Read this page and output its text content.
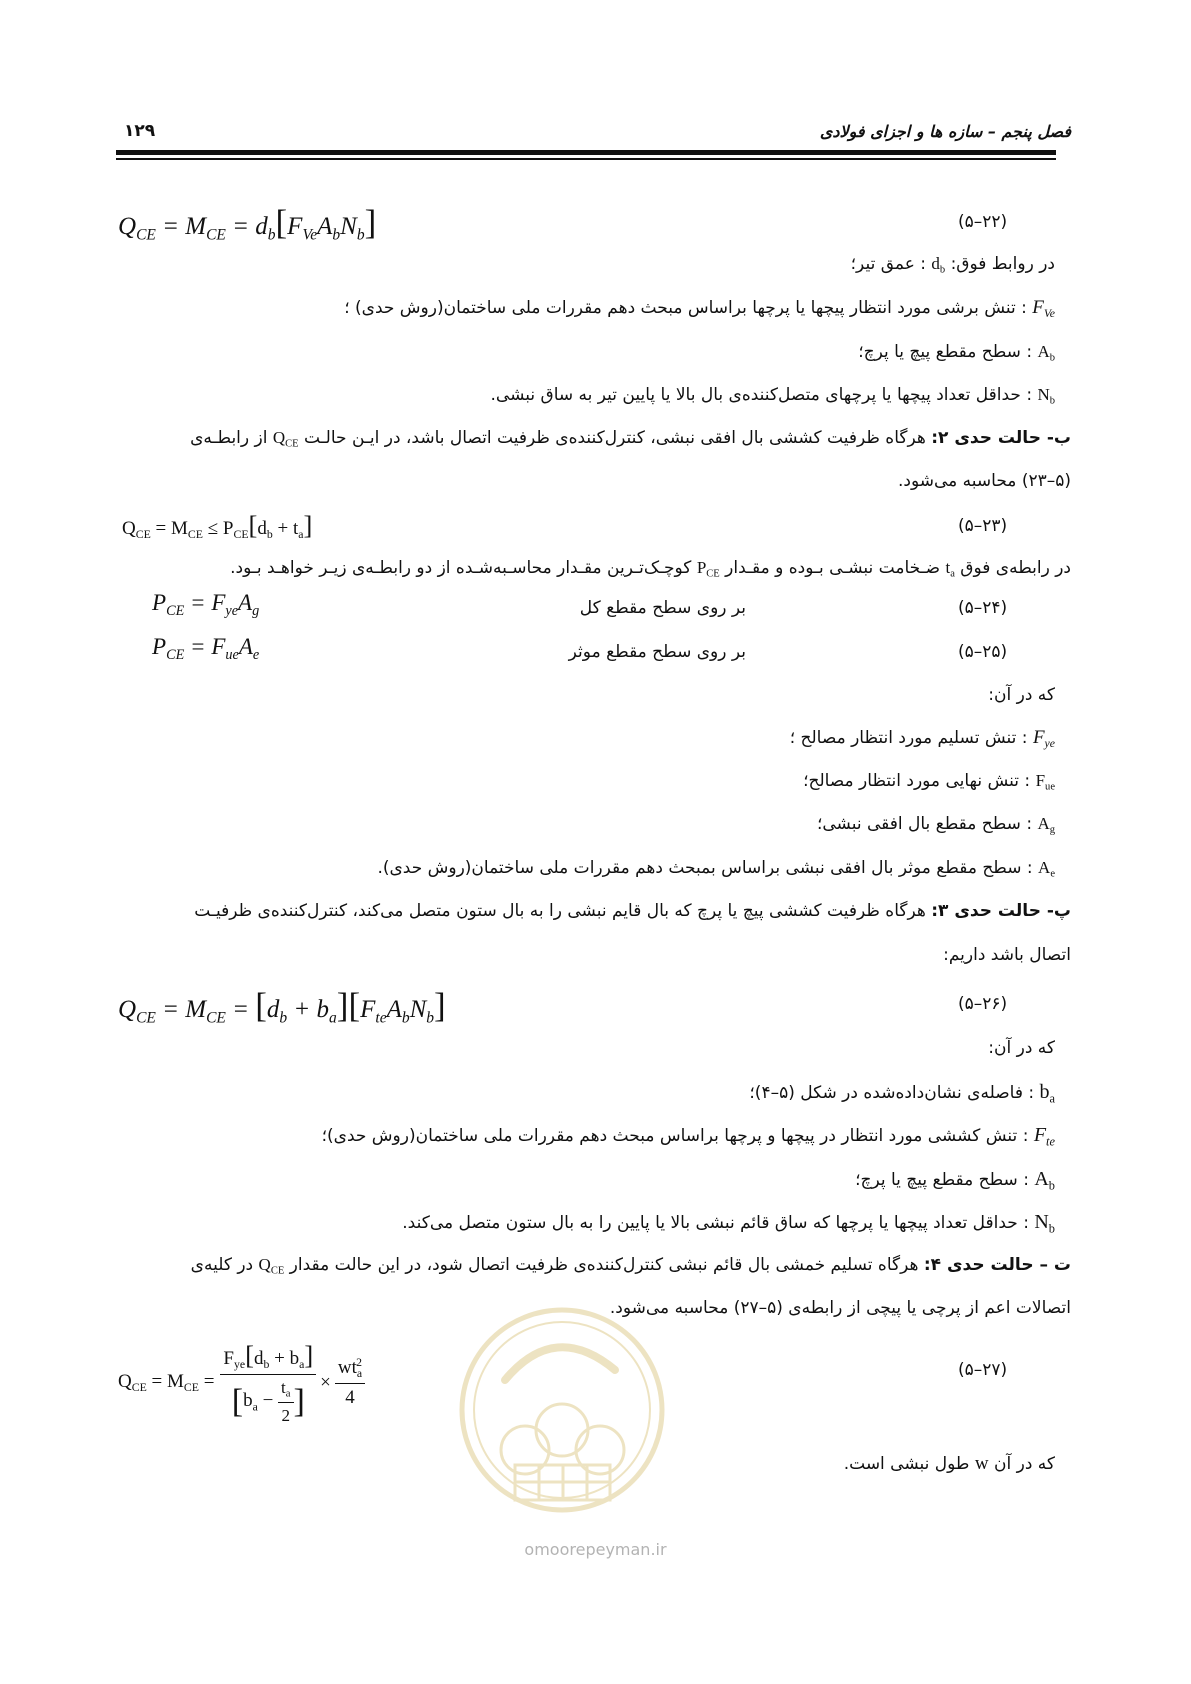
۱۲۹	فصل پنجم – سازه ها و اجزای فولادی
$Q_{CE} = M_{CE} = d_b[F_{Ve}A_bN_b]$	(۵–۲۲)
در روابط فوق: $d_b$ : عمق تیر؛
$F_{Ve}$ : تنش برشی مورد انتظار پیچها یا پرچها براساس مبحث دهم مقررات ملی ساختمان(روش حدی) ؛
$A_b$ : سطح مقطع پیچ یا پرچ؛
$N_b$ : حداقل تعداد پیچها یا پرچهای متصل‌کننده‌ی بال بالا یا پایین تیر به ساق نبشی.
ب- حالت حدی ۲: هرگاه ظرفیت کششی بال افقی نبشی، کنترل‌کننده‌ی ظرفیت اتصال باشد، در ایـن حالـت $Q_{CE}$ از رابطـه‌ی
(۵–۲۳) محاسبه می‌شود.
$Q_{CE} = M_{CE} \le P_{CE}[d_b + t_a]$	(۵–۲۳)
در رابطه‌ی فوق $t_a$ ضـخامت نبشـی بـوده و مقـدار $P_{CE}$ کوچـک‌تـرین مقـدار محاسـبه‌شـده از دو رابطـه‌ی زیـر خواهـد بـود.
$P_{CE} = F_{ye}A_g$	بر روی سطح مقطع کل	(۵–۲۴)
$P_{CE} = F_{ue}A_e$	بر روی سطح مقطع موثر	(۵–۲۵)
که در آن:
$F_{ye}$ : تنش تسلیم مورد انتظار مصالح ؛
$F_{ue}$ : تنش نهایی مورد انتظار مصالح؛
$A_g$ : سطح مقطع بال افقی نبشی؛
$A_e$ : سطح مقطع موثر بال افقی نبشی براساس بمبحث دهم مقررات ملی ساختمان(روش حدی).
پ- حالت حدی ۳: هرگاه ظرفیت کششی پیچ یا پرچ که بال قایم نبشی را به بال ستون متصل می‌کند، کنترل‌کننده‌ی ظرفیـت
اتصال باشد داریم:
$Q_{CE} = M_{CE} = [d_b + b_a][F_{te}A_bN_b]$	(۵–۲۶)
که در آن:
$b_a$ : فاصله‌ی نشان‌داده‌شده در شکل (۵–۴)؛
$F_{te}$ : تنش کششی مورد انتظار در پیچها و پرچها براساس مبحث دهم مقررات ملی ساختمان(روش حدی)؛
$A_b$ : سطح مقطع پیچ یا پرچ؛
$N_b$ : حداقل تعداد پیچها یا پرچها که ساق قائم نبشی بالا یا پایین را به بال ستون متصل می‌کند.
ت – حالت حدی ۴: هرگاه تسلیم خمشی بال قائم نبشی کنترل‌کننده‌ی ظرفیت اتصال شود، در این حالت مقدار $Q_{CE}$ در کلیه‌ی
اتصالات اعم از پرچی یا پیچی از رابطه‌ی (۵–۲۷) محاسبه می‌شود.
$Q_{CE} = M_{CE} = \frac{F_{ye}[d_b + b_a]}{[b_a - \frac{t_a}{2} ]} \times \frac{wt_a^2}{4}$	(۵–۲۷)
که در آن w طول نبشی است.
omoorepeyman.ir
